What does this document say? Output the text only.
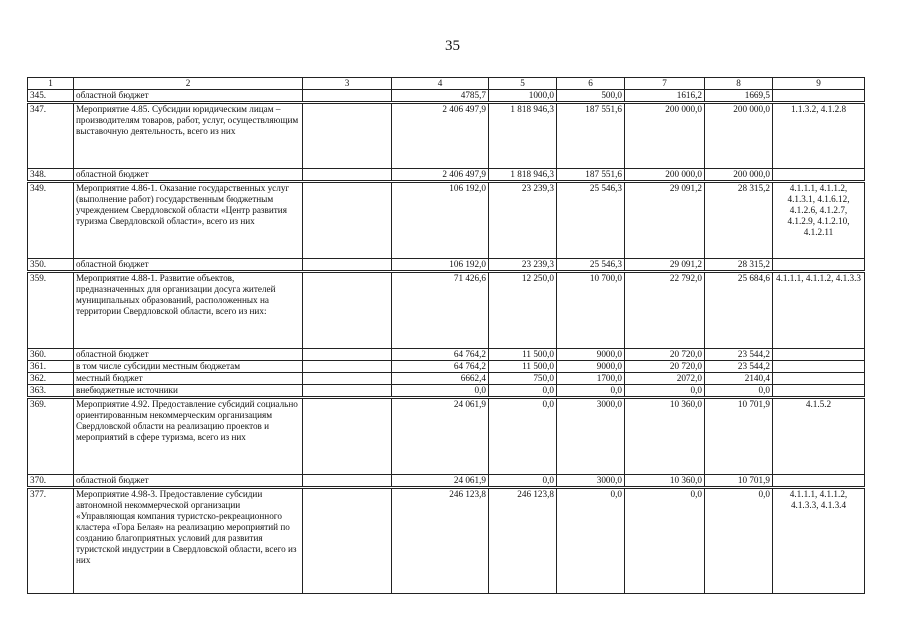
35
1	2	3	4	5	6	7	8	9
345.	областной бюджет		4785,7	1000,0	500,0	1616,2	1669,5	
347.	Мероприятие 4.85. Субсидии юридическим лицам – производителям товаров, работ, услуг, осуществляющим выставочную деятельность, всего из них		2 406 497,9	1 818 946,3	187 551,6	200 000,0	200 000,0	1.1.3.2, 4.1.2.8
348.	областной бюджет		2 406 497,9	1 818 946,3	187 551,6	200 000,0	200 000,0	
349.	Мероприятие 4.86-1. Оказание государственных услуг (выполнение работ) государственным бюджетным учреждением Свердловской области «Центр развития туризма Свердловской области», всего из них		106 192,0	23 239,3	25 546,3	29 091,2	28 315,2	4.1.1.1, 4.1.1.2, 4.1.3.1, 4.1.6.12, 4.1.2.6, 4.1.2.7, 4.1.2.9, 4.1.2.10, 4.1.2.11
350.	областной бюджет		106 192,0	23 239,3	25 546,3	29 091,2	28 315,2	
359.	Мероприятие 4.88-1. Развитие объектов, предназначенных для организации досуга жителей муниципальных образований, расположенных на территории Свердловской области, всего из них:		71 426,6	12 250,0	10 700,0	22 792,0	25 684,6	4.1.1.1, 4.1.1.2, 4.1.3.3
360.	областной бюджет		64 764,2	11 500,0	9000,0	20 720,0	23 544,2	
361.	в том числе субсидии местным бюджетам		64 764,2	11 500,0	9000,0	20 720,0	23 544,2	
362.	местный бюджет		6662,4	750,0	1700,0	2072,0	2140,4	
363.	внебюджетные источники		0,0	0,0	0,0	0,0	0,0	
369.	Мероприятие 4.92. Предоставление субсидий социально ориентированным некоммерческим организациям Свердловской области на реализацию проектов и мероприятий в сфере туризма, всего из них		24 061,9	0,0	3000,0	10 360,0	10 701,9	4.1.5.2
370.	областной бюджет		24 061,9	0,0	3000,0	10 360,0	10 701,9	
377.	Мероприятие 4.98-3. Предоставление субсидии автономной некоммерческой организации «Управляющая компания туристско-рекреационного кластера «Гора Белая» на реализацию мероприятий по созданию благоприятных условий для развития туристской индустрии в Свердловской области, всего из них		246 123,8	246 123,8	0,0	0,0	0,0	4.1.1.1, 4.1.1.2, 4.1.3.3, 4.1.3.4
